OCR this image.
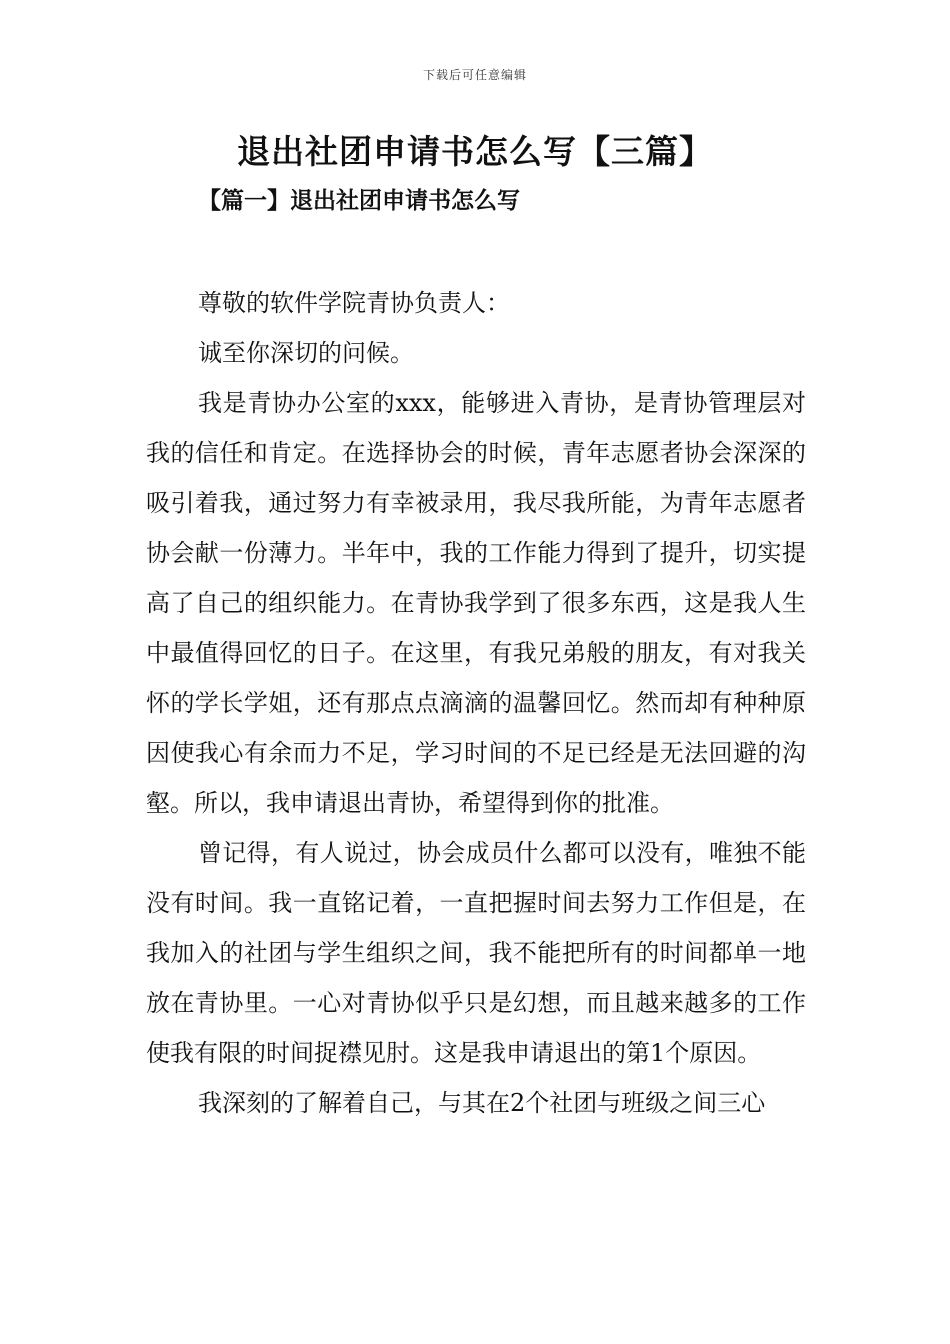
下载后可任意编辑
退出社团申请书怎么写【三篇】
【篇一】退出社团申请书怎么写

尊敬的软件学院青协负责人：

诚至你深切的问候。

我是青协办公室的xxx，能够进入青协，是青协管理层对我的信任和肯定。在选择协会的时候，青年志愿者协会深深的吸引着我，通过努力有幸被录用，我尽我所能，为青年志愿者协会献一份薄力。半年中，我的工作能力得到了提升，切实提高了自己的组织能力。在青协我学到了很多东西，这是我人生中最值得回忆的日子。在这里，有我兄弟般的朋友，有对我关怀的学长学姐，还有那点点滴滴的温馨回忆。然而却有种种原因使我心有余而力不足，学习时间的不足已经是无法回避的沟壑。所以，我申请退出青协，希望得到你的批准。

曾记得，有人说过，协会成员什么都可以没有，唯独不能没有时间。我一直铭记着，一直把握时间去努力工作但是，在我加入的社团与学生组织之间，我不能把所有的时间都单一地放在青协里。一心对青协似乎只是幻想，而且越来越多的工作使我有限的时间捉襟见肘。这是我申请退出的第1个原因。

我深刻的了解着自己，与其在2个社团与班级之间三心
